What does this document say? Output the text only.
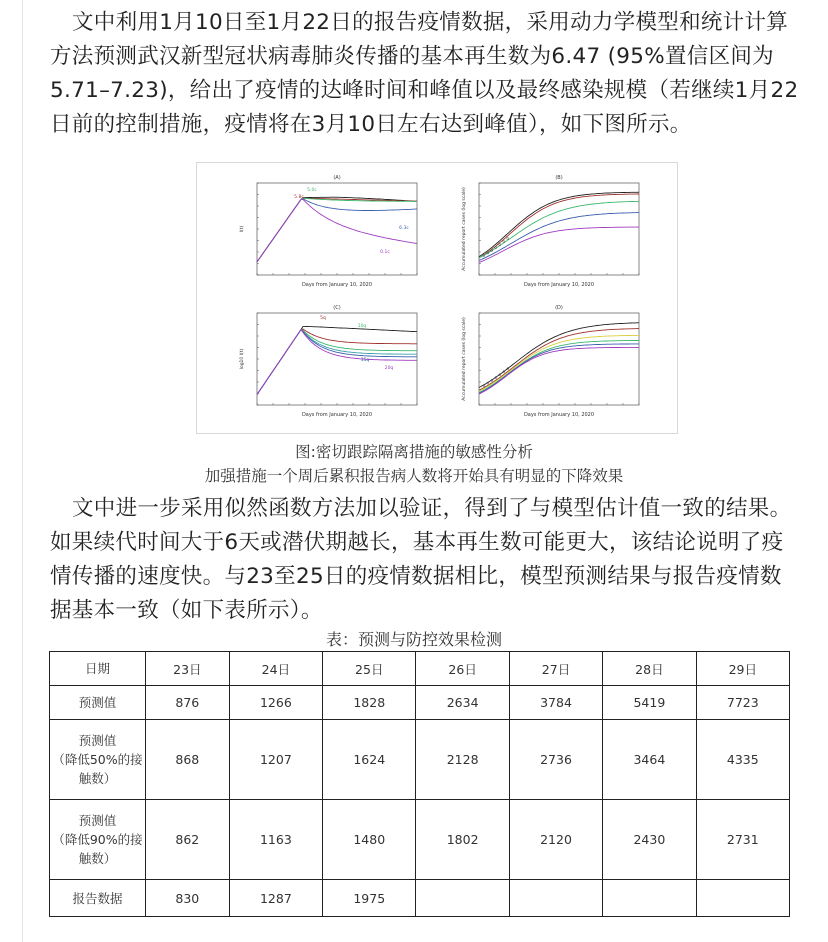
文中利用1月10日至1月22日的报告疫情数据，采用动力学模型和统计计算方法预测武汉新型冠状病毒肺炎传播的基本再生数为6.47 (95%置信区间为5.71–7.23)，给出了疫情的达峰时间和峰值以及最终感染规模（若继续1月22日前的控制措施，疫情将在3月10日左右达到峰值），如下图所示。

(A)
Days from January 10, 2020
I(t)
(B)
Days from January 10, 2020
Accumulated report cases (log scale)
(C)
Days from January 10, 2020
log10 I(t)
(D)
Days from January 10, 2020
Accumulated report cases (log scale)
5.0c
5.8c
6.3c
0.1c
5q
10q
15q
20q
图:密切跟踪隔离措施的敏感性分析
加强措施一个周后累积报告病人数将开始具有明显的下降效果

文中进一步采用似然函数方法加以验证，得到了与模型估计值一致的结果。如果续代时间大于6天或潜伏期越长，基本再生数可能更大，该结论说明了疫情传播的速度快。与23至25日的疫情数据相比，模型预测结果与报告疫情数据基本一致（如下表所示）。

表：预测与防控效果检测
日期	23日	24日	25日	26日	27日	28日	29日
预测值	876	1266	1828	2634	3784	5419	7723
预测值
（降低50%的接触数）	868	1207	1624	2128	2736	3464	4335
预测值
（降低90%的接触数）	862	1163	1480	1802	2120	2430	2731
报告数据	830	1287	1975				
